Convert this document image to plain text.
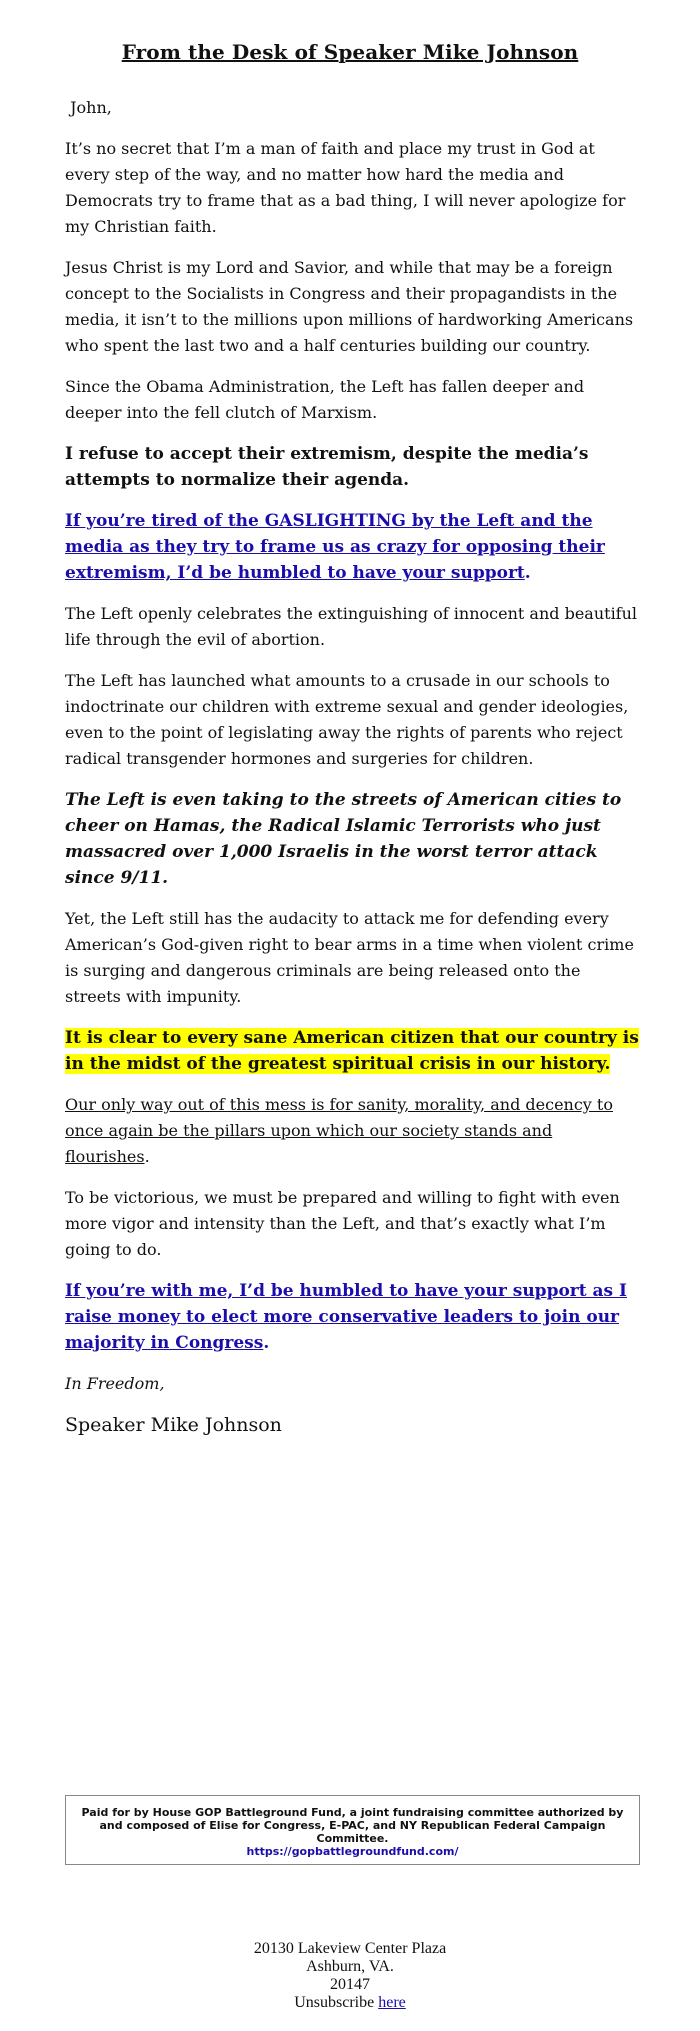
From the Desk of Speaker Mike Johnson

John,

It’s no secret that I’m a man of faith and place my trust in God at every step of the way, and no matter how hard the media and Democrats try to frame that as a bad thing, I will never apologize for my Christian faith.

Jesus Christ is my Lord and Savior, and while that may be a foreign concept to the Socialists in Congress and their propagandists in the media, it isn’t to the millions upon millions of hardworking Americans who spent the last two and a half centuries building our country.

Since the Obama Administration, the Left has fallen deeper and deeper into the fell clutch of Marxism.

I refuse to accept their extremism, despite the media’s attempts to normalize their agenda.

If you’re tired of the GASLIGHTING by the Left and the media as they try to frame us as crazy for opposing their extremism, I’d be humbled to have your support.

The Left openly celebrates the extinguishing of innocent and beautiful life through the evil of abortion.

The Left has launched what amounts to a crusade in our schools to indoctrinate our children with extreme sexual and gender ideologies, even to the point of legislating away the rights of parents who reject radical transgender hormones and surgeries for children.

The Left is even taking to the streets of American cities to cheer on Hamas, the Radical Islamic Terrorists who just massacred over 1,000 Israelis in the worst terror attack since 9/11.

Yet, the Left still has the audacity to attack me for defending every American’s God-given right to bear arms in a time when violent crime is surging and dangerous criminals are being released onto the streets with impunity.

It is clear to every sane American citizen that our country is in the midst of the greatest spiritual crisis in our history.

Our only way out of this mess is for sanity, morality, and decency to once again be the pillars upon which our society stands and flourishes.

To be victorious, we must be prepared and willing to fight with even more vigor and intensity than the Left, and that’s exactly what I’m going to do.

If you’re with me, I’d be humbled to have your support as I raise money to elect more conservative leaders to join our majority in Congress.

In Freedom,

Speaker Mike Johnson
Paid for by House GOP Battleground Fund, a joint fundraising committee authorized by and composed of Elise for Congress, E-PAC, and NY Republican Federal Campaign Committee.
https://gopbattlegroundfund.com/
20130 Lakeview Center Plaza
Ashburn, VA.
20147
Unsubscribe here
